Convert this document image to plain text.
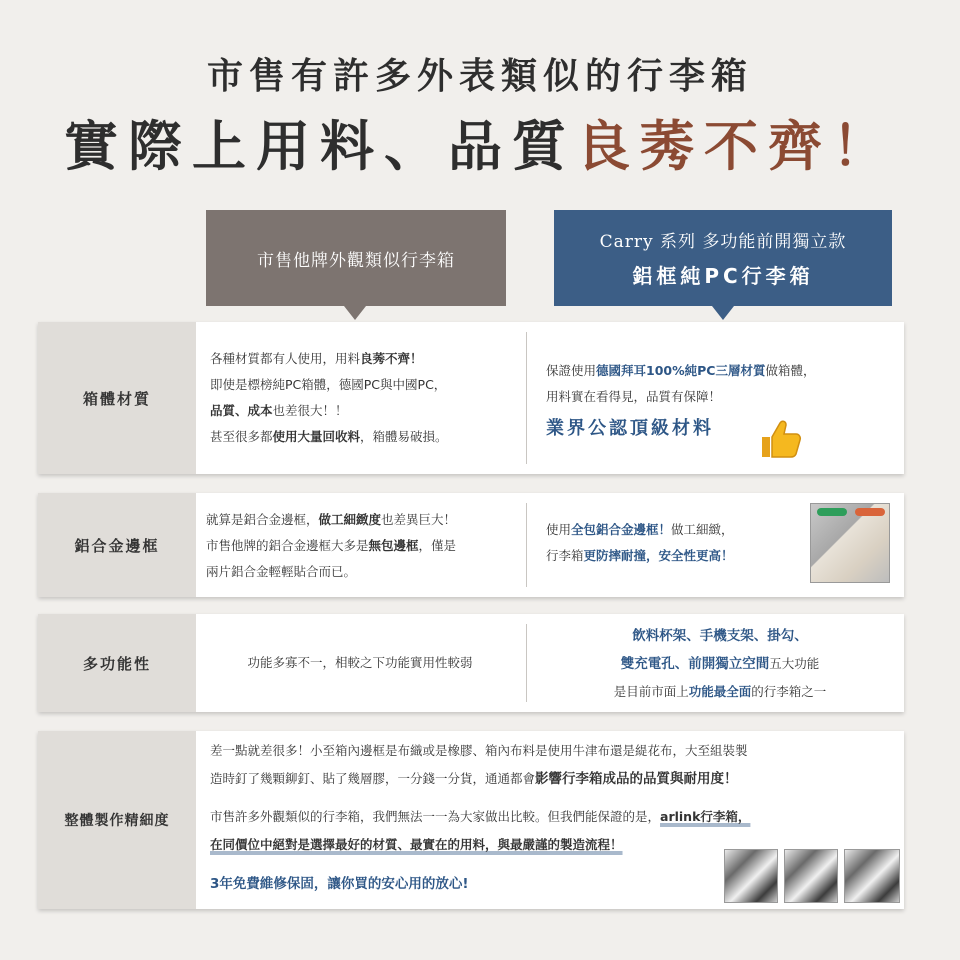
市售有許多外表類似的行李箱
實際上用料、品質良莠不齊！
市售他牌外觀類似行李箱
Carry 系列 多功能前開獨立款
鋁框純PC行李箱
箱體材質
各種材質都有人使用，用料良莠不齊！
即使是標榜純PC箱體，德國PC與中國PC，
品質、成本也差很大！！
甚至很多都使用大量回收料，箱體易破損。
保證使用德國拜耳100%純PC三層材質做箱體，
用料實在看得見，品質有保障！
業界公認頂級材料
鋁合金邊框
就算是鋁合金邊框，做工細緻度也差異巨大！
市售他牌的鋁合金邊框大多是無包邊框，僅是
兩片鋁合金輕輕貼合而已。
使用全包鋁合金邊框！做工細緻，
行李箱更防摔耐撞，安全性更高！
多功能性	功能多寡不一，相較之下功能實用性較弱
飲料杯架、手機支架、掛勾、
雙充電孔、前開獨立空間五大功能
是目前市面上功能最全面的行李箱之一
整體製作精細度
差一點就差很多！小至箱內邊框是布織或是橡膠、箱內布料是使用牛津布還是緹花布，大至組裝製
造時釘了幾顆鉚釘、貼了幾層膠，一分錢一分貨，通通都會影響行李箱成品的品質與耐用度！
市售許多外觀類似的行李箱，我們無法一一為大家做出比較。但我們能保證的是，arlink行李箱，
在同價位中絕對是選擇最好的材質、最實在的用料，與最嚴謹的製造流程！
3年免費維修保固，讓你買的安心用的放心!
